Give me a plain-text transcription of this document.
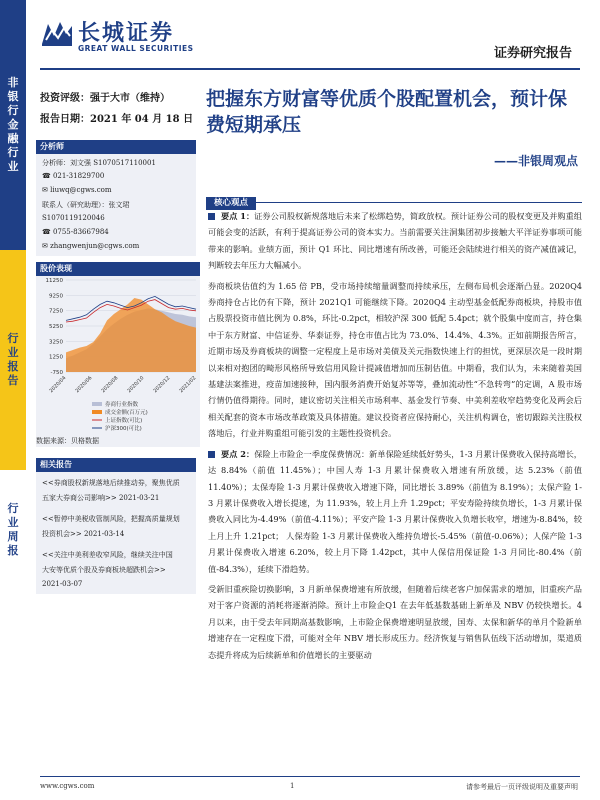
非
银
行
金
融
行
业
行
业
报
告
行
业
周
报
长城证券
GREAT WALL SECURITIES	证券研究报告
投资评级：强于大市（维持）
报告日期：2021 年 04 月 18 日
把握东方财富等优质个股配置机会，预计保费短期承压
——非银周观点
分析师
分析师：刘文强 S1070517110001
☎ 021-31829700
✉ liuwq@cgws.com
联系人（研究助理）：张文珺
S1070119120046
☎ 0755-83667984
✉ zhangwenjun@cgws.com
股价表现
11250
9250
7250
5250
3250
1250
-750
2020/04 2020/06 2020/08 2020/10 2020/12 2021/02
券商行业指数
成交金额(百万元)
上证指数(可比)
沪深300(可比)
数据来源：贝格数据
相关报告
<<券商股权新规落地后续推动券，聚焦优质
五家大券商公司影响>> 2021-03-21
<<暂停中美税收管制风险，把握高质量规划
投资机会>> 2021-03-14
<<关注中美利差收窄风险，继续关注中国
大安等优质个股及券商板块超跌机会>>
2021-03-07
核心观点

要点 1：证券公司股权新规落地后未来了松绑趋势，简政放权。预计证券公司的股权变更及并购重组可能会变的活跃，有利于提高证券公司的资本实力。当前需要关注洞集团初步接触大平洋证券事项可能带来的影响。业绩方面，预计 Q1 环比、同比增速有所改善，可能还会陆续进行相关的资产减值减记，判断较去年压力大幅减小。

券商板块估值约为 1.65 倍 PB，受市场持续缩量调整而持续承压，左侧布局机会逐渐凸显。2020Q4 券商持仓占比仍有下降，预计 2021Q1 可能继续下降。2020Q4 主动型基金低配券商板块，持股市值占股票投资市值比例为 0.8%，环比-0.2pct，相较沪深 300 低配 5.4pct；就个股集中度而言，持仓集中于东方财富、中信证券、华泰证券，持仓市值占比为 73.0%、14.4%、4.3%。正如前期报告所言，近期市场及券商板块的调整一定程度上是市场对美债及关元指数快速上行的担忧，更深层次是一段时期以来相对抱团的畸形风格所导致信用风险计提减值增加而压制估值。中期看，我们认为，未来随着美国基建法案推进，疫苗加速接种，国内服务消费开始复苏等等，叠加流动性“不急转弯”的定调，A 股市场行情仍值得期待。同时，建议密切关注相关市场利率、基金发行节奏、中美利差收窄趋势变化及两会后相关配套的资本市场改革政策及具体措施。建议投资者应保持耐心，关注机构调仓，密切跟踪关注股权落地后，行业并购重组可能引发的主题性投资机会。

要点 2：保险上市险企一季度保费情况：新单保险延续低好势头，1-3 月累计保费收入保持高增长，达 8.84%（前值 11.45%）；中国人寿 1-3 月累计保费收入增速有所放缓，达 5.23%（前值 11.40%）；太保寿险 1-3 月累计保费收入增速下降，同比增长 3.89%（前值为 8.19%）；太保产险 1-3 月累计保费收入增长提速，为 11.93%，较上月上升 1.29pct；平安寿险持续负增长，1-3 月累计保费收入同比为-4.49%（前值-4.11%）；平安产险 1-3 月累计保费收入负增长收窄，增速为-8.84%，较上月上升 1.21pct； 人保寿险 1-3 月累计保费收入维持负增长-5.45%（前值-0.06%）；人保产险 1-3 月累计保费收入增速 6.20%，较上月下降 1.42pct，其中人保信用保证险 1-3 月同比-80.4%（前值-84.3%），延续下滑趋势。

受新旧重疾险切换影响，3 月新单保费增速有所放缓，但随着后续老客户加保需求的增加，旧重疾产品对于客户资源的消耗将逐渐消除。预计上市险企Q1 在去年低基数基础上新单及 NBV 仍较快增长。4 月以来，由于受去年同期高基数影响，上市险企保费增速明显放缓，国寿、太保和新华的单月个险新单增速存在一定程度下滑，可能对全年 NBV 增长形成压力。经济恢复与销售队伍线下活动增加，渠道质态提升将成为后续新单和价值增长的主要驱动

www.cgws.com	1	请参考最后一页评级说明及重要声明
